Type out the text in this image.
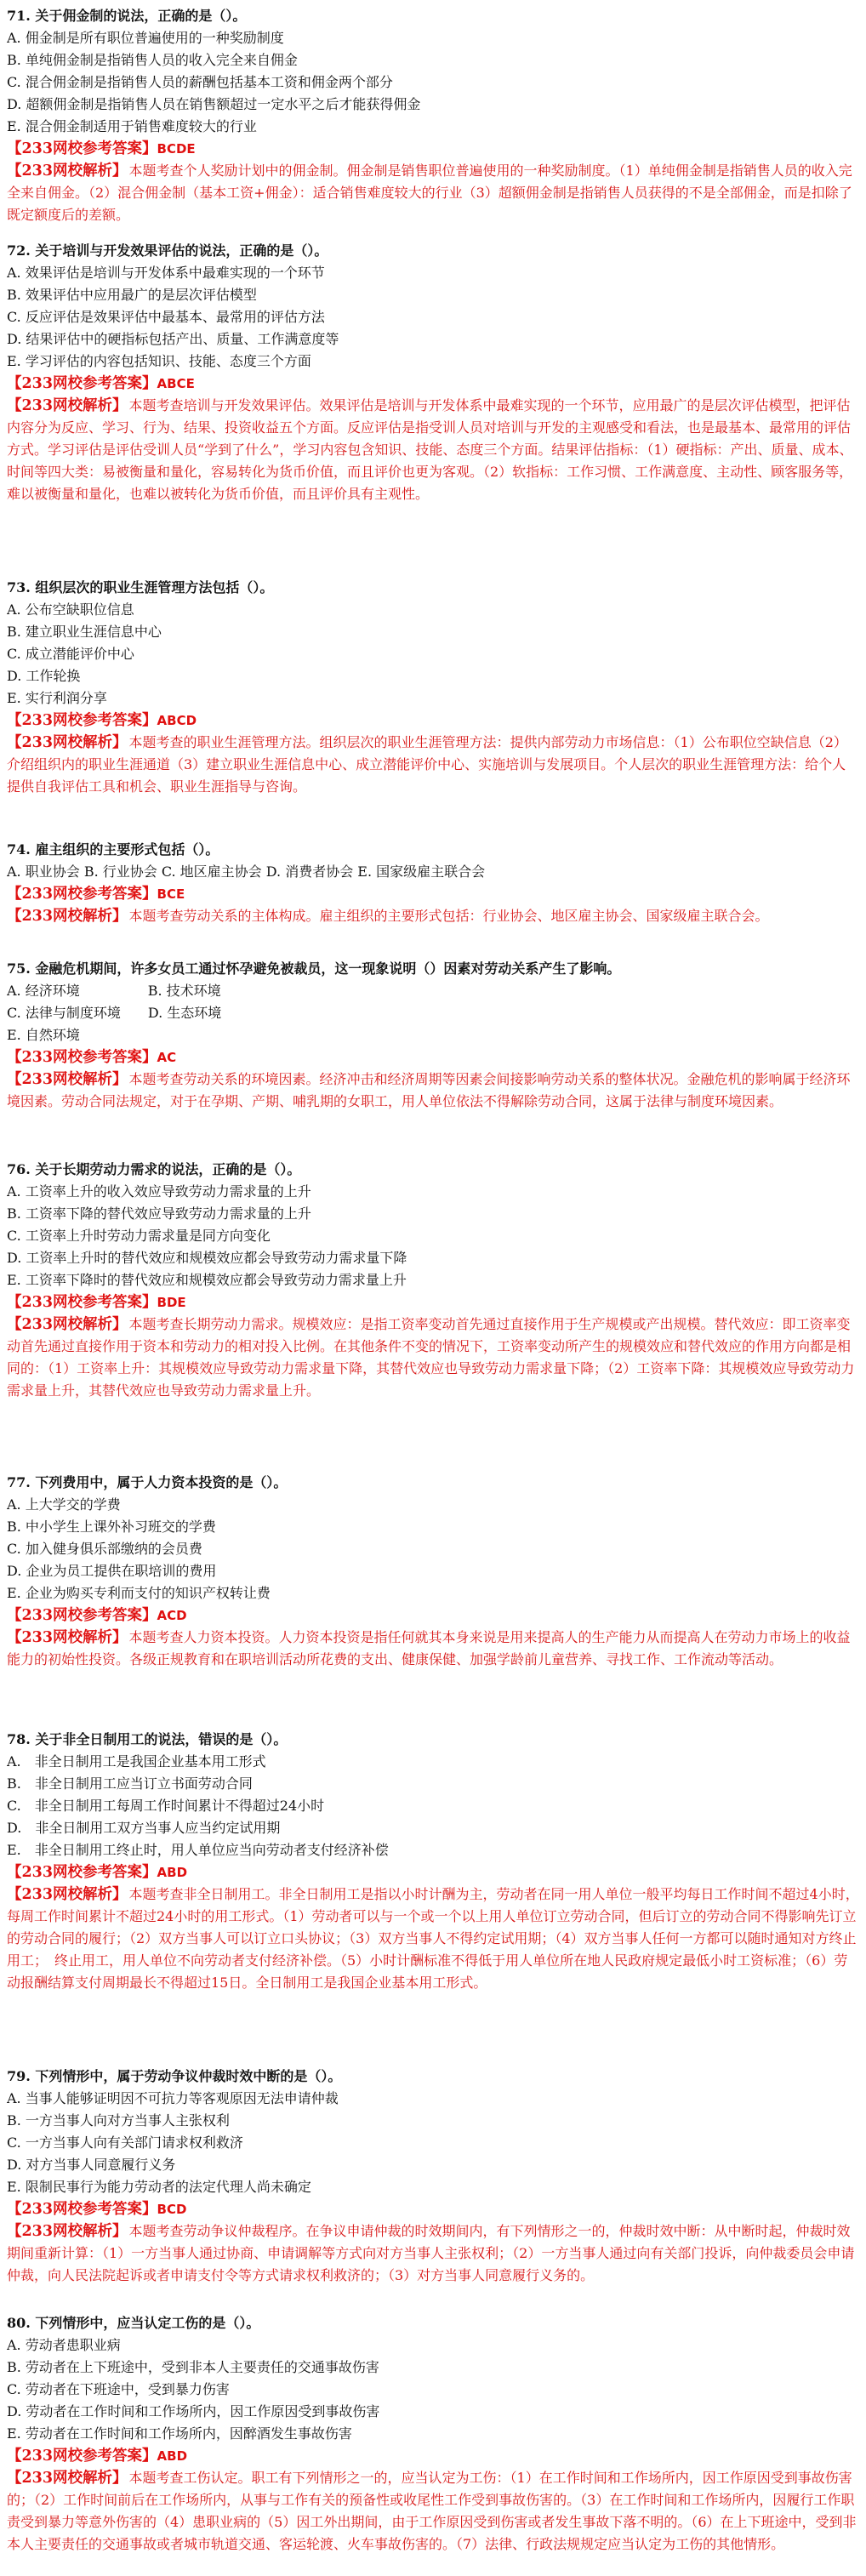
71. 关于佣金制的说法，正确的是（）。
A. 佣金制是所有职位普遍使用的一种奖励制度
B. 单纯佣金制是指销售人员的收入完全来自佣金
C. 混合佣金制是指销售人员的薪酬包括基本工资和佣金两个部分
D. 超额佣金制是指销售人员在销售额超过一定水平之后才能获得佣金
E. 混合佣金制适用于销售难度较大的行业
【233网校参考答案】BCDE
【233网校解析】 本题考查个人奖励计划中的佣金制。佣金制是销售职位普遍使用的一种奖励制度。（1）单纯佣金制是指销售人员的收入完全来自佣金。（2）混合佣金制（基本工资+佣金）：适合销售难度较大的行业（3）超额佣金制是指销售人员获得的不是全部佣金，而是扣除了既定额度后的差额。
72. 关于培训与开发效果评估的说法，正确的是（）。
A. 效果评估是培训与开发体系中最难实现的一个环节
B. 效果评估中应用最广的是层次评估模型
C. 反应评估是效果评估中最基本、最常用的评估方法
D. 结果评估中的硬指标包括产出、质量、工作满意度等
E. 学习评估的内容包括知识、技能、态度三个方面
【233网校参考答案】ABCE
【233网校解析】 本题考查培训与开发效果评估。效果评估是培训与开发体系中最难实现的一个环节，应用最广的是层次评估模型，把评估内容分为反应、学习、行为、结果、投资收益五个方面。反应评估是指受训人员对培训与开发的主观感受和看法，也是最基本、最常用的评估方式。学习评估是评估受训人员“学到了什么”，学习内容包含知识、技能、态度三个方面。结果评估指标：（1）硬指标：产出、质量、成本、时间等四大类：易被衡量和量化，容易转化为货币价值，而且评价也更为客观。（2）软指标：工作习惯、工作满意度、主动性、顾客服务等，难以被衡量和量化，也难以被转化为货币价值，而且评价具有主观性。
73. 组织层次的职业生涯管理方法包括（）。
A. 公布空缺职位信息
B. 建立职业生涯信息中心
C. 成立潜能评价中心
D. 工作轮换
E. 实行利润分享
【233网校参考答案】ABCD
【233网校解析】 本题考查的职业生涯管理方法。组织层次的职业生涯管理方法：提供内部劳动力市场信息：（1）公布职位空缺信息（2）介绍组织内的职业生涯通道（3）建立职业生涯信息中心、成立潜能评价中心、实施培训与发展项目。个人层次的职业生涯管理方法：给个人提供自我评估工具和机会、职业生涯指导与咨询。
74. 雇主组织的主要形式包括（）。
A. 职业协会 B. 行业协会 C. 地区雇主协会 D. 消费者协会 E. 国家级雇主联合会
【233网校参考答案】BCE
【233网校解析】 本题考查劳动关系的主体构成。雇主组织的主要形式包括：行业协会、地区雇主协会、国家级雇主联合会。
75. 金融危机期间，许多女员工通过怀孕避免被裁员，这一现象说明（）因素对劳动关系产生了影响。
A. 经济环境　　　　　B. 技术环境
C. 法律与制度环境　　D. 生态环境
E. 自然环境
【233网校参考答案】AC
【233网校解析】 本题考查劳动关系的环境因素。经济冲击和经济周期等因素会间接影响劳动关系的整体状况。金融危机的影响属于经济环境因素。劳动合同法规定，对于在孕期、产期、哺乳期的女职工，用人单位依法不得解除劳动合同，这属于法律与制度环境因素。
76. 关于长期劳动力需求的说法，正确的是（）。
A. 工资率上升的收入效应导致劳动力需求量的上升
B. 工资率下降的替代效应导致劳动力需求量的上升
C. 工资率上升时劳动力需求量是同方向变化
D. 工资率上升时的替代效应和规模效应都会导致劳动力需求量下降
E. 工资率下降时的替代效应和规模效应都会导致劳动力需求量上升
【233网校参考答案】BDE
【233网校解析】 本题考查长期劳动力需求。规模效应：是指工资率变动首先通过直接作用于生产规模或产出规模。替代效应：即工资率变动首先通过直接作用于资本和劳动力的相对投入比例。在其他条件不变的情况下，工资率变动所产生的规模效应和替代效应的作用方向都是相同的：（1）工资率上升：其规模效应导致劳动力需求量下降，其替代效应也导致劳动力需求量下降；（2）工资率下降：其规模效应导致劳动力需求量上升，其替代效应也导致劳动力需求量上升。
77. 下列费用中，属于人力资本投资的是（）。
A. 上大学交的学费
B. 中小学生上课外补习班交的学费
C. 加入健身俱乐部缴纳的会员费
D. 企业为员工提供在职培训的费用
E. 企业为购买专利而支付的知识产权转让费
【233网校参考答案】ACD
【233网校解析】 本题考查人力资本投资。人力资本投资是指任何就其本身来说是用来提高人的生产能力从而提高人在劳动力市场上的收益能力的初始性投资。各级正规教育和在职培训活动所花费的支出、健康保健、加强学龄前儿童营养、寻找工作、工作流动等活动。
78. 关于非全日制用工的说法，错误的是（）。
A.　非全日制用工是我国企业基本用工形式
B.　非全日制用工应当订立书面劳动合同
C.　非全日制用工每周工作时间累计不得超过24小时
D.　非全日制用工双方当事人应当约定试用期
E.　非全日制用工终止时，用人单位应当向劳动者支付经济补偿
【233网校参考答案】ABD
【233网校解析】 本题考查非全日制用工。非全日制用工是指以小时计酬为主，劳动者在同一用人单位一般平均每日工作时间不超过4小时，每周工作时间累计不超过24小时的用工形式。（1）劳动者可以与一个或一个以上用人单位订立劳动合同，但后订立的劳动合同不得影响先订立的劳动合同的履行；（2）双方当事人可以订立口头协议；（3）双方当事人不得约定试用期；（4）双方当事人任何一方都可以随时通知对方终止用工；　终止用工，用人单位不向劳动者支付经济补偿。（5）小时计酬标准不得低于用人单位所在地人民政府规定最低小时工资标准；（6）劳动报酬结算支付周期最长不得超过15日。全日制用工是我国企业基本用工形式。
79. 下列情形中，属于劳动争议仲裁时效中断的是（）。
A. 当事人能够证明因不可抗力等客观原因无法申请仲裁
B. 一方当事人向对方当事人主张权利
C. 一方当事人向有关部门请求权利救济
D. 对方当事人同意履行义务
E. 限制民事行为能力劳动者的法定代理人尚未确定
【233网校参考答案】BCD
【233网校解析】 本题考查劳动争议仲裁程序。在争议申请仲裁的时效期间内，有下列情形之一的，仲裁时效中断：从中断时起，仲裁时效期间重新计算：（1）一方当事人通过协商、申请调解等方式向对方当事人主张权利；（2）一方当事人通过向有关部门投诉，向仲裁委员会申请仲裁，向人民法院起诉或者申请支付令等方式请求权利救济的；（3）对方当事人同意履行义务的。
80. 下列情形中，应当认定工伤的是（）。
A. 劳动者患职业病
B. 劳动者在上下班途中，受到非本人主要责任的交通事故伤害
C. 劳动者在下班途中，受到暴力伤害
D. 劳动者在工作时间和工作场所内，因工作原因受到事故伤害
E. 劳动者在工作时间和工作场所内，因醉酒发生事故伤害
【233网校参考答案】ABD
【233网校解析】 本题考查工伤认定。职工有下列情形之一的，应当认定为工伤：（1）在工作时间和工作场所内，因工作原因受到事故伤害的；（2）工作时间前后在工作场所内，从事与工作有关的预备性或收尾性工作受到事故伤害的。（3）在工作时间和工作场所内，因履行工作职责受到暴力等意外伤害的（4）患职业病的（5）因工外出期间，由于工作原因受到伤害或者发生事故下落不明的。（6）在上下班途中，受到非本人主要责任的交通事故或者城市轨道交通、客运轮渡、火车事故伤害的。（7）法律、行政法规规定应当认定为工伤的其他情形。
